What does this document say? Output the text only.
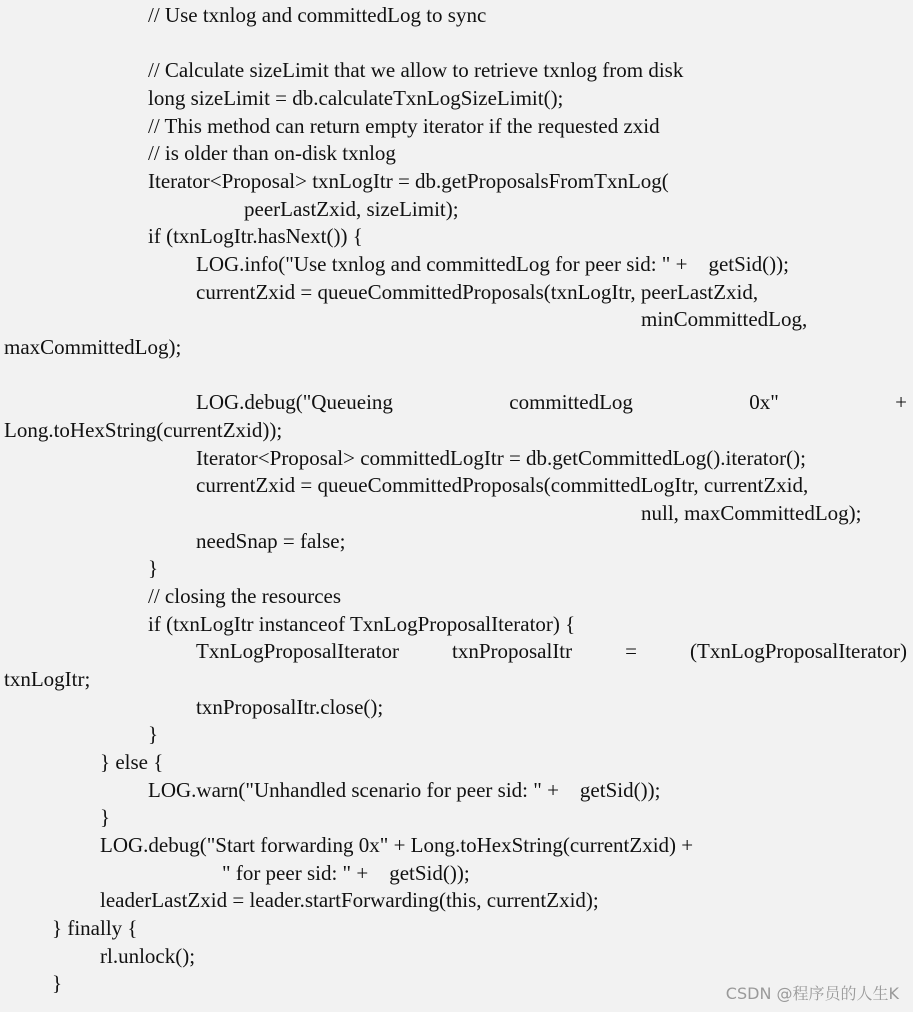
// Use txnlog and committedLog to sync
// Calculate sizeLimit that we allow to retrieve txnlog from disk
long sizeLimit = db.calculateTxnLogSizeLimit();
// This method can return empty iterator if the requested zxid
// is older than on-disk txnlog
Iterator<Proposal> txnLogItr = db.getProposalsFromTxnLog(
peerLastZxid, sizeLimit);
if (txnLogItr.hasNext()) {
LOG.info("Use txnlog and committedLog for peer sid: " +    getSid());
currentZxid = queueCommittedProposals(txnLogItr, peerLastZxid,
minCommittedLog,
maxCommittedLog);
LOG.debug("Queueing	committedLog	0x"	+
Long.toHexString(currentZxid));
Iterator<Proposal> committedLogItr = db.getCommittedLog().iterator();
currentZxid = queueCommittedProposals(committedLogItr, currentZxid,
null, maxCommittedLog);
needSnap = false;
}
// closing the resources
if (txnLogItr instanceof TxnLogProposalIterator) {
TxnLogProposalIterator	txnProposalItr	=	(TxnLogProposalIterator)
txnLogItr;
txnProposalItr.close();
}
} else {
LOG.warn("Unhandled scenario for peer sid: " +    getSid());
}
LOG.debug("Start forwarding 0x" + Long.toHexString(currentZxid) +
" for peer sid: " +    getSid());
leaderLastZxid = leader.startForwarding(this, currentZxid);
} finally {
rl.unlock();
}	CSDN @程序员的人生K
